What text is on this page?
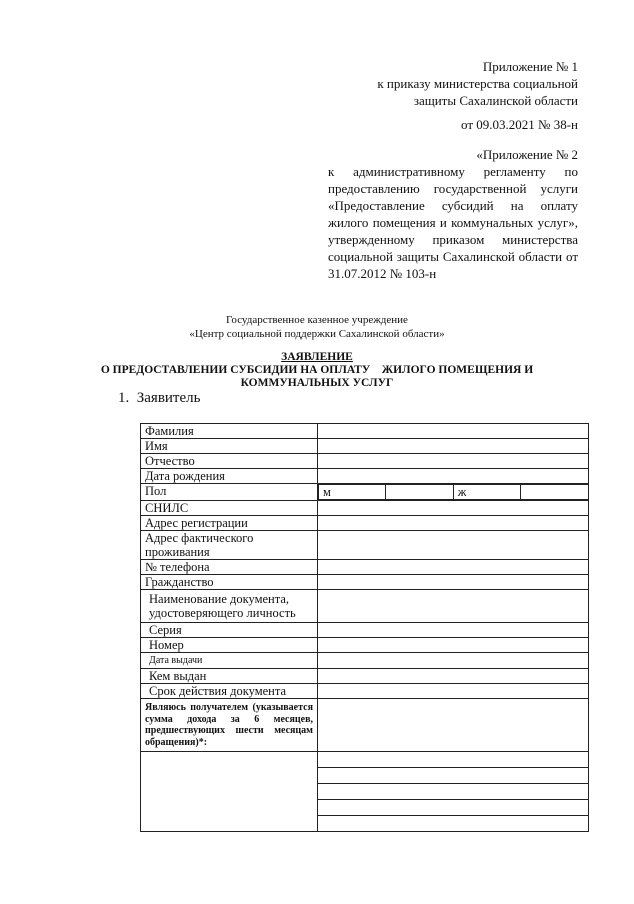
Приложение № 1
к приказу министерства социальной
защиты Сахалинской области
от 09.03.2021 № 38-н
«Приложение № 2
к административному регламенту по предоставлению государственной услуги «Предоставление субсидий на оплату жилого помещения и коммунальных услуг», утвержденному приказом министерства социальной защиты Сахалинской области от 31.07.2012 № 103-н
Государственное казенное учреждение
«Центр социальной поддержки Сахалинской области»
ЗАЯВЛЕНИЕ
О ПРЕДОСТАВЛЕНИИ СУБСИДИИ НА ОПЛАТУ    ЖИЛОГО ПОМЕЩЕНИЯ И
КОММУНАЛЬНЫХ УСЛУГ
1.  Заявитель
Фамилия	
Имя	
Отчество	
Дата рождения	
Пол		м		ж	

СНИЛС	
Адрес регистрации	
Адрес фактического проживания	
№ телефона	
Гражданство	
Наименование документа, удостоверяющего личность	
Серия	
Номер	
Дата выдачи	
Кем выдан	
Срок действия документа	
Являюсь получателем (указывается сумма дохода за 6 месяцев, предшествующих шести месяцам обращения)*:	
